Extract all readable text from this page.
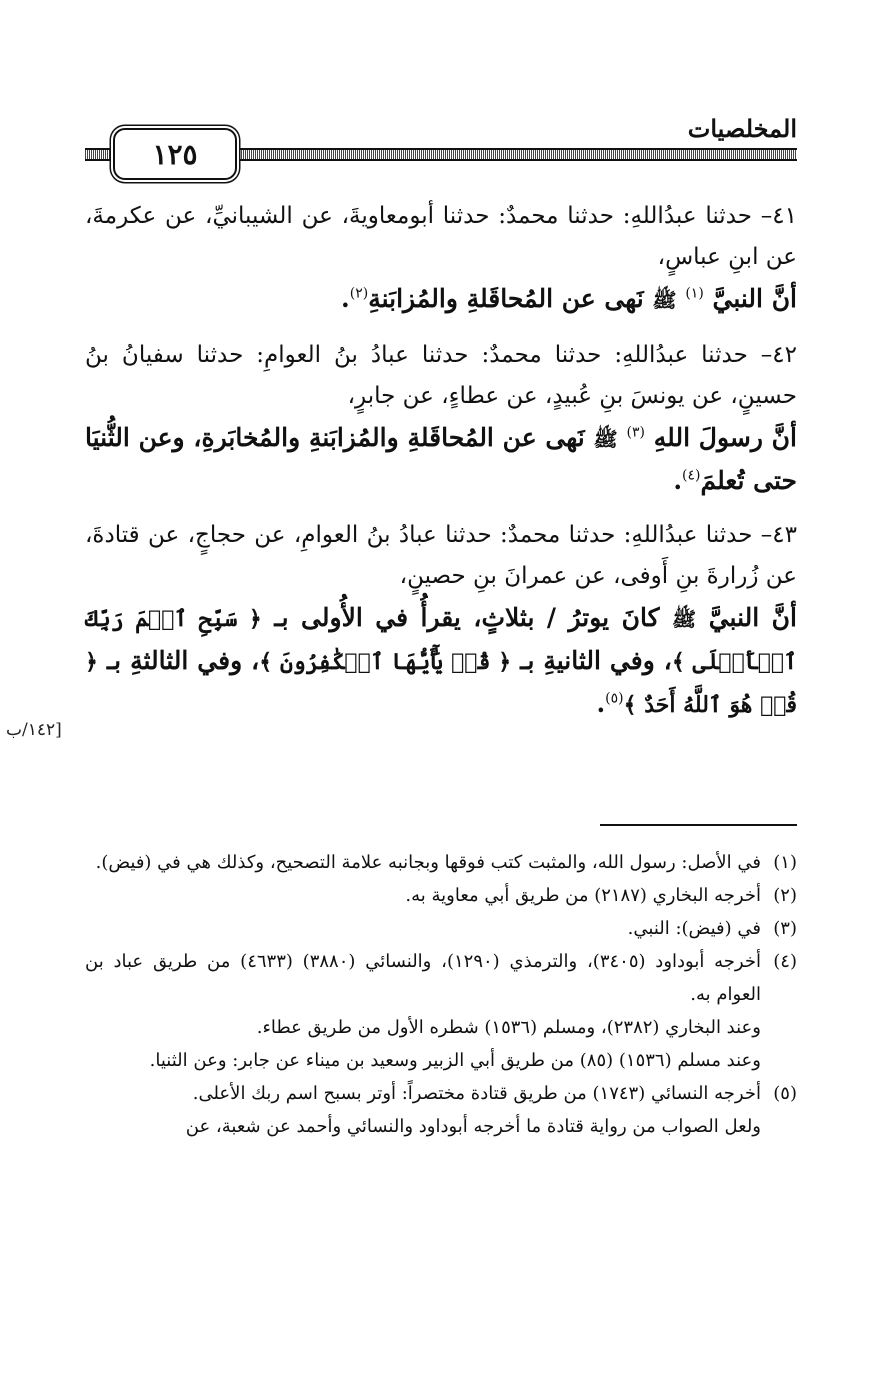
المخلصيات
١٢٥

٤١– حدثنا عبدُاللهِ: حدثنا محمدٌ: حدثنا أبومعاويةَ، عن الشيبانيِّ، عن عكرمةَ، عن ابنِ عباسٍ،

أنَّ النبيَّ $^{(١)}$ ﷺ نَهى عن المُحاقَلةِ والمُزابَنةِ$^{(٢)}$.

٤٢– حدثنا عبدُاللهِ: حدثنا محمدٌ: حدثنا عبادُ بنُ العوامِ: حدثنا سفيانُ بنُ حسينٍ، عن يونسَ بنِ عُبيدٍ، عن عطاءٍ، عن جابرٍ،

أنَّ رسولَ اللهِ $^{(٣)}$ ﷺ نَهى عن المُحاقَلةِ والمُزابَنةِ والمُخابَرةِ، وعن الثُّنيَا حتى تُعلمَ$^{(٤)}$.

٤٣– حدثنا عبدُاللهِ: حدثنا محمدٌ: حدثنا عبادُ بنُ العوامِ، عن حجاجٍ، عن قتادةَ، عن زُرارةَ بنِ أَوفى، عن عمرانَ بنِ حصينٍ،

أنَّ النبيَّ ﷺ كانَ يوترُ / بثلاثٍ، يقرأُ في الأُولى بـ ﴿ سَبِّحِ ٱسۡمَ رَبِّكَ ٱلۡأَعۡلَى ﴾، وفي الثانيةِ بـ ﴿ قُلۡ يَٰٓأَيُّهَا ٱلۡكَٰفِرُونَ ﴾، وفي الثالثةِ بـ ﴿ قُلۡ هُوَ ٱللَّهُ أَحَدٌ ﴾$^{(٥)}$.

[١٤٢/ب

(١)
في الأصل: رسول الله، والمثبت كتب فوقها وبجانبه علامة التصحيح، وكذلك هي في (فيض).

(٢)
أخرجه البخاري (٢١٨٧) من طريق أبي معاوية به.

(٣)
في (فيض): النبي.

(٤)
أخرجه أبوداود (٣٤٠٥)، والترمذي (١٢٩٠)، والنسائي (٣٨٨٠) (٤٦٣٣) من طريق عباد بن العوام به.

وعند البخاري (٢٣٨٢)، ومسلم (١٥٣٦) شطره الأول من طريق عطاء.

وعند مسلم (١٥٣٦) (٨٥) من طريق أبي الزبير وسعيد بن ميناء عن جابر: وعن الثنيا.

(٥)
أخرجه النسائي (١٧٤٣) من طريق قتادة مختصراً: أوتر بسبح اسم ربك الأعلى.

ولعل الصواب من رواية قتادة ما أخرجه أبوداود والنسائي وأحمد عن شعبة، عن
